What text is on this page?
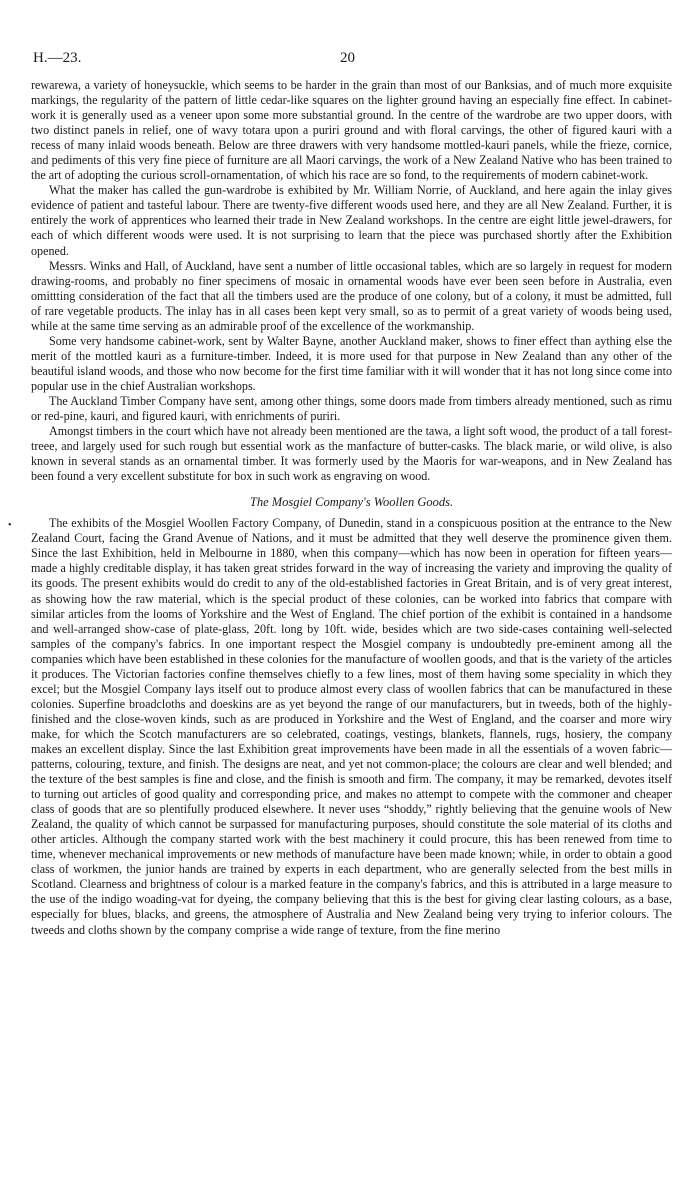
H.—23.	20
•

rewarewa, a variety of honeysuckle, which seems to be harder in the grain than most of our Banksias, and of much more exquisite markings, the regularity of the pattern of little cedar-like squares on the lighter ground having an especially fine effect. In cabinet-work it is generally used as a veneer upon some more substantial ground. In the centre of the wardrobe are two upper doors, with two distinct panels in relief, one of wavy totara upon a puriri ground and with floral carvings, the other of figured kauri with a recess of many inlaid woods beneath. Below are three drawers with very handsome mottled-kauri panels, while the frieze, cornice, and pediments of this very fine piece of furniture are all Maori carvings, the work of a New Zealand Native who has been trained to the art of adopting the curious scroll-ornamentation, of which his race are so fond, to the requirements of modern cabinet-work.

What the maker has called the gun-wardrobe is exhibited by Mr. William Norrie, of Auckland, and here again the inlay gives evidence of patient and tasteful labour. There are twenty-five different woods used here, and they are all New Zealand. Further, it is entirely the work of apprentices who learned their trade in New Zealand workshops. In the centre are eight little jewel-drawers, for each of which different woods were used. It is not surprising to learn that the piece was purchased shortly after the Exhibition opened.

Messrs. Winks and Hall, of Auckland, have sent a number of little occasional tables, which are so largely in request for modern drawing-rooms, and probably no finer specimens of mosaic in ornamental woods have ever been seen before in Australia, even omittting consideration of the fact that all the timbers used are the produce of one colony, but of a colony, it must be admitted, full of rare vegetable products. The inlay has in all cases been kept very small, so as to permit of a great variety of woods being used, while at the same time serving as an admirable proof of the excellence of the workmanship.

Some very handsome cabinet-work, sent by Walter Bayne, another Auckland maker, shows to finer effect than aything else the merit of the mottled kauri as a furniture-timber. Indeed, it is more used for that purpose in New Zealand than any other of the beautiful island woods, and those who now become for the first time familiar with it will wonder that it has not long since come into popular use in the chief Australian workshops.

The Auckland Timber Company have sent, among other things, some doors made from timbers already mentioned, such as rimu or red-pine, kauri, and figured kauri, with enrichments of puriri.

Amongst timbers in the court which have not already been mentioned are the tawa, a light soft wood, the product of a tall forest-treee, and largely used for such rough but essential work as the manfacture of butter-casks. The black marie, or wild olive, is also known in several stands as an ornamental timber. It was formerly used by the Maoris for war-weapons, and in New Zealand has been found a very excellent substitute for box in such work as engraving on wood.

The Mosgiel Company's Woollen Goods.

The exhibits of the Mosgiel Woollen Factory Company, of Dunedin, stand in a conspicuous position at the entrance to the New Zealand Court, facing the Grand Avenue of Nations, and it must be admitted that they well deserve the prominence given them. Since the last Exhibition, held in Melbourne in 1880, when this company—which has now been in operation for fifteen years—made a highly creditable display, it has taken great strides forward in the way of increasing the variety and improving the quality of its goods. The present exhibits would do credit to any of the old-established factories in Great Britain, and is of very great interest, as showing how the raw material, which is the special product of these colonies, can be worked into fabrics that compare with similar articles from the looms of Yorkshire and the West of England. The chief portion of the exhibit is contained in a handsome and well-arranged show-case of plate-glass, 20ft. long by 10ft. wide, besides which are two side-cases containing well-selected samples of the company's fabrics. In one important respect the Mosgiel company is undoubtedly pre-eminent among all the companies which have been established in these colonies for the manufacture of woollen goods, and that is the variety of the articles it produces. The Victorian factories confine themselves chiefly to a few lines, most of them having some speciality in which they excel; but the Mosgiel Company lays itself out to produce almost every class of woollen fabrics that can be manufactured in these colonies. Superfine broadcloths and doeskins are as yet beyond the range of our manufacturers, but in tweeds, both of the highly-finished and the close-woven kinds, such as are produced in Yorkshire and the West of England, and the coarser and more wiry make, for which the Scotch manufacturers are so celebrated, coatings, vestings, blankets, flannels, rugs, hosiery, the company makes an excellent display. Since the last Exhibition great improvements have been made in all the essentials of a woven fabric—patterns, colouring, texture, and finish. The designs are neat, and yet not common-place; the colours are clear and well blended; and the texture of the best samples is fine and close, and the finish is smooth and firm. The company, it may be remarked, devotes itself to turning out articles of good quality and corresponding price, and makes no attempt to compete with the commoner and cheaper class of goods that are so plentifully produced elsewhere. It never uses “shoddy,” rightly believing that the genuine wools of New Zealand, the quality of which cannot be surpassed for manufacturing purposes, should constitute the sole material of its cloths and other articles. Although the company started work with the best machinery it could procure, this has been renewed from time to time, whenever mechanical improvements or new methods of manufacture have been made known; while, in order to obtain a good class of workmen, the junior hands are trained by experts in each department, who are generally selected from the best mills in Scotland. Clearness and brightness of colour is a marked feature in the company's fabrics, and this is attributed in a large measure to the use of the indigo woading-vat for dyeing, the company believing that this is the best for giving clear lasting colours, as a base, especially for blues, blacks, and greens, the atmosphere of Australia and New Zealand being very trying to inferior colours. The tweeds and cloths shown by the company comprise a wide range of texture, from the fine merino
